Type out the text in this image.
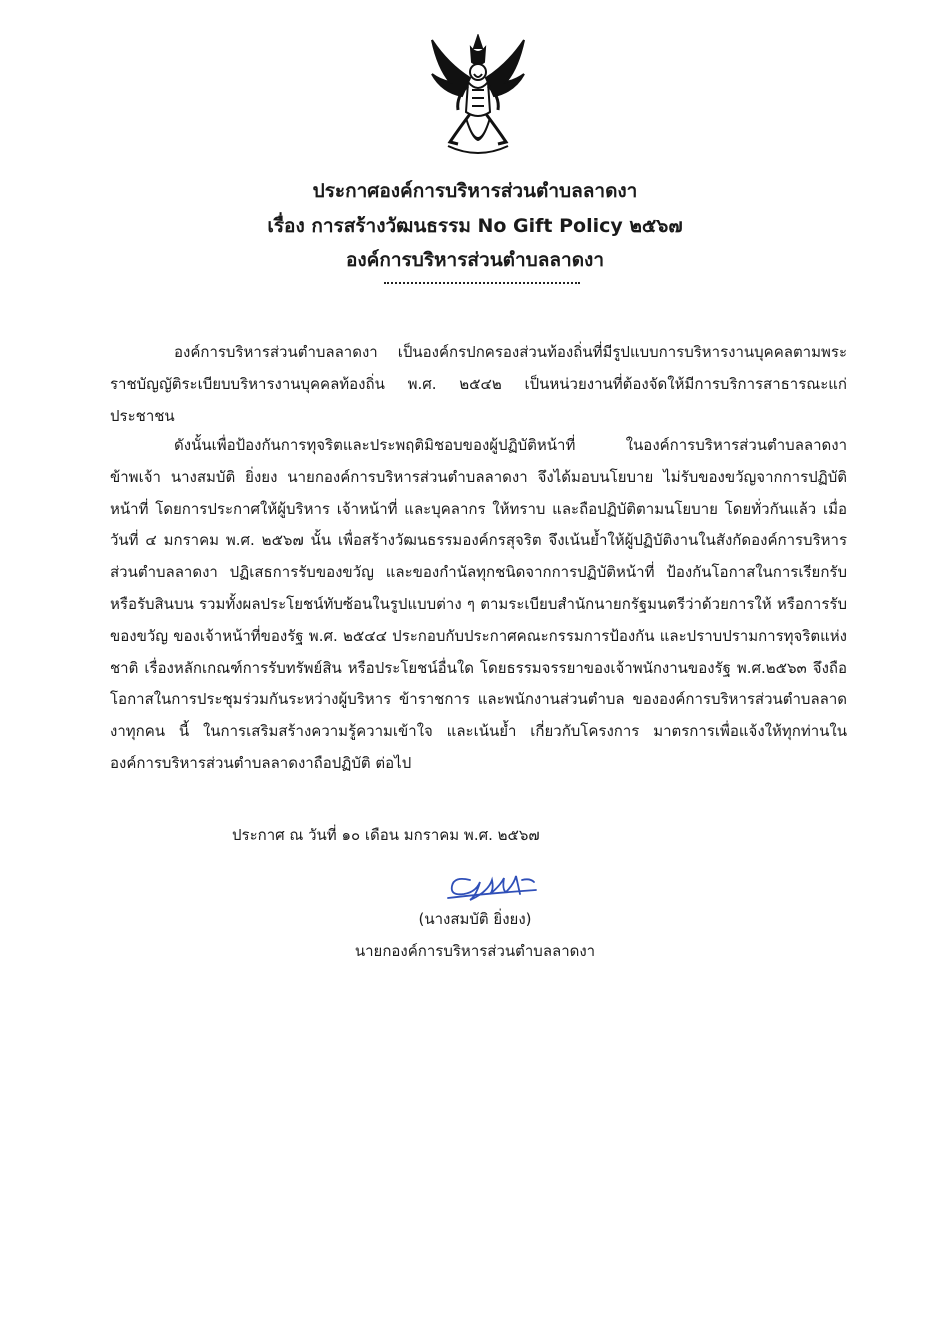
ประกาศองค์การบริหารส่วนตำบลลาดงา
เรื่อง การสร้างวัฒนธรรม No Gift Policy ๒๕๖๗
องค์การบริหารส่วนตำบลลาดงา

องค์การบริหารส่วนตำบลลาดงา เป็นองค์กรปกครองส่วนท้องถิ่นที่มีรูปแบบการบริหารงานบุคคลตามพระราชบัญญัติระเบียบบริหารงานบุคคลท้องถิ่น พ.ศ. ๒๕๔๒ เป็นหน่วยงานที่ต้องจัดให้มีการบริการสาธารณะแก่ประชาชน

ดังนั้นเพื่อป้องกันการทุจริตและประพฤติมิชอบของผู้ปฏิบัติหน้าที่ ในองค์การบริหารส่วนตำบลลาดงา ข้าพเจ้า นางสมบัติ ยิ่งยง นายกองค์การบริหารส่วนตำบลลาดงา จึงได้มอบนโยบาย ไม่รับของขวัญจากการปฏิบัติหน้าที่ โดยการประกาศให้ผู้บริหาร เจ้าหน้าที่ และบุคลากร ให้ทราบ และถือปฏิบัติตามนโยบาย โดยทั่วกันแล้ว เมื่อวันที่ ๔ มกราคม พ.ศ. ๒๕๖๗ นั้น เพื่อสร้างวัฒนธรรมองค์กรสุจริต จึงเน้นย้ำให้ผู้ปฏิบัติงานในสังกัดองค์การบริหารส่วนตำบลลาดงา ปฏิเสธการรับของขวัญ และของกำนัลทุกชนิดจากการปฏิบัติหน้าที่ ป้องกันโอกาสในการเรียกรับ หรือรับสินบน รวมทั้งผลประโยชน์ทับซ้อนในรูปแบบต่าง ๆ ตามระเบียบสำนักนายกรัฐมนตรีว่าด้วยการให้ หรือการรับของขวัญ ของเจ้าหน้าที่ของรัฐ พ.ศ. ๒๕๔๔ ประกอบกับประกาศคณะกรรมการป้องกัน และปราบปรามการทุจริตแห่งชาติ เรื่องหลักเกณฑ์การรับทรัพย์สิน หรือประโยชน์อื่นใด โดยธรรมจรรยาของเจ้าพนักงานของรัฐ พ.ศ.๒๕๖๓ จึงถือโอกาสในการประชุมร่วมกันระหว่างผู้บริหาร ข้าราชการ และพนักงานส่วนตำบล ขององค์การบริหารส่วนตำบลลาดงาทุกคน นี้ ในการเสริมสร้างความรู้ความเข้าใจ และเน้นย้ำ เกี่ยวกับโครงการ มาตรการเพื่อแจ้งให้ทุกท่านในองค์การบริหารส่วนตำบลลาดงาถือปฏิบัติ ต่อไป

ประกาศ ณ วันที่ ๑๐ เดือน มกราคม พ.ศ. ๒๕๖๗

(นางสมบัติ ยิ่งยง)

นายกองค์การบริหารส่วนตำบลลาดงา
